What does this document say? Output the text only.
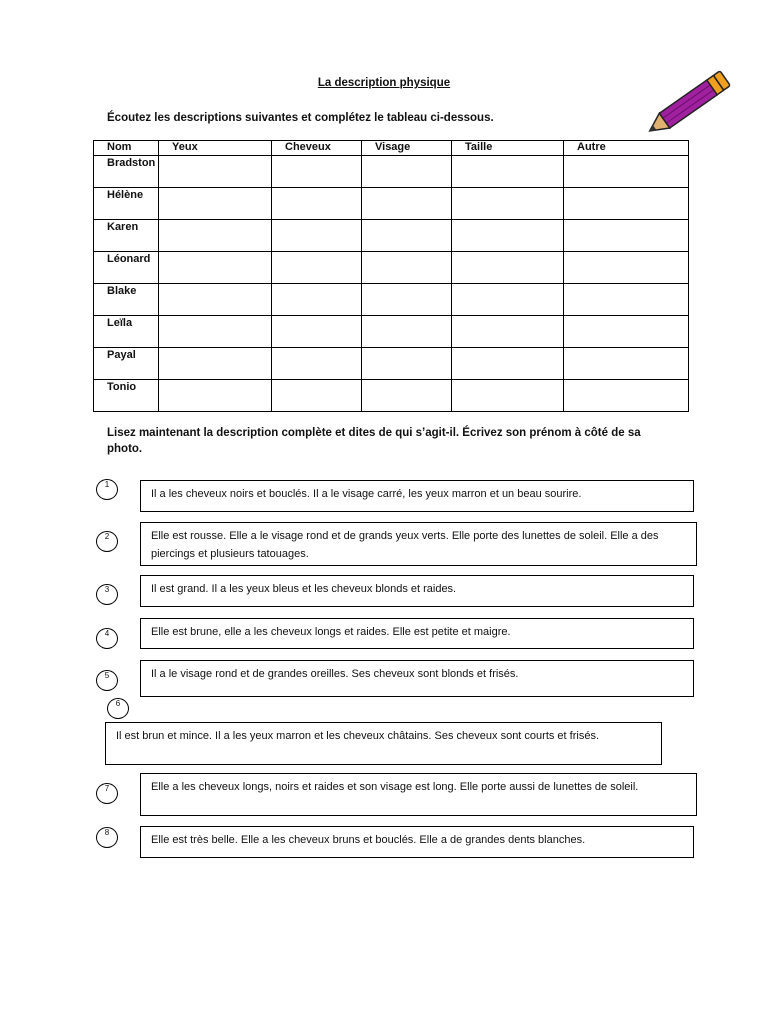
La description physique
Écoutez les descriptions suivantes et complétez le tableau ci-dessous.
Nom	Yeux	Cheveux	Visage	Taille	Autre
Bradston					
Hélène					
Karen					
Léonard					
Blake					
Leïla					
Payal					
Tonio					
Lisez maintenant la description complète et dites de qui s’agit-il. Écrivez son prénom à côté de sa photo.
1
Il a les cheveux noirs et bouclés. Il a le visage carré, les yeux marron et un beau sourire.
2	Elle est rousse. Elle a le visage rond et de grands yeux verts. Elle porte des lunettes de soleil. Elle a des piercings et plusieurs tatouages.
3	Il est grand. Il a les yeux bleus et les cheveux blonds et raides.
4	Elle est brune, elle a les cheveux longs et raides. Elle est petite et maigre.
5	Il a le visage rond et de grandes oreilles. Ses cheveux sont blonds et frisés.
6
Il est brun et mince. Il a les yeux marron et les cheveux châtains. Ses cheveux sont courts et frisés.
7	Elle a les cheveux longs, noirs et raides et son visage est long. Elle porte aussi de lunettes de soleil.
8
Elle est très belle. Elle a les cheveux bruns et bouclés. Elle a de grandes dents blanches.
